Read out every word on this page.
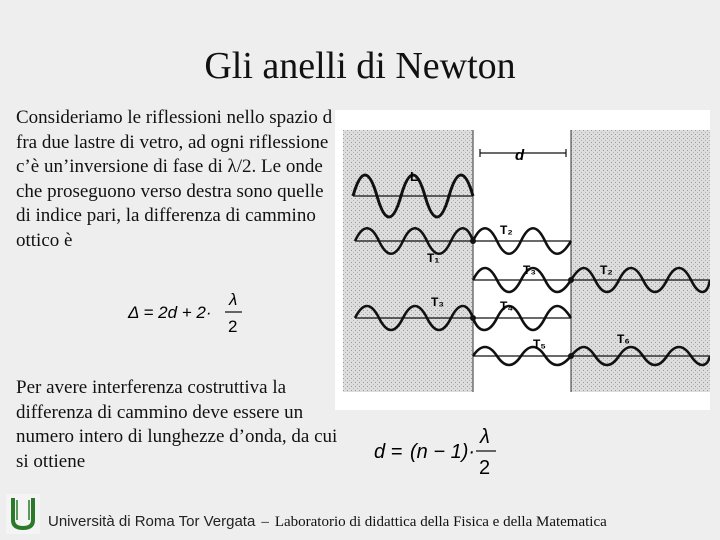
Gli anelli di Newton
Consideriamo le riflessioni nello spazio d fra due lastre di vetro, ad ogni riflessione c’è un’inversione di fase di λ/2. Le onde che proseguono verso destra sono quelle di indice pari, la differenza di cammino ottico è
Δ = 2d + 2·
λ
2
Per avere interferenza costruttiva la differenza di cammino deve essere un numero intero di lunghezze d’onda, da cui si ottiene	d = (n − 1)·
λ
2
d
L
T₁
T₂
T₃	T₂
T₃	T₄
T₅	T₆
Università di Roma Tor Vergata – Laboratorio di didattica della Fisica e della Matematica
